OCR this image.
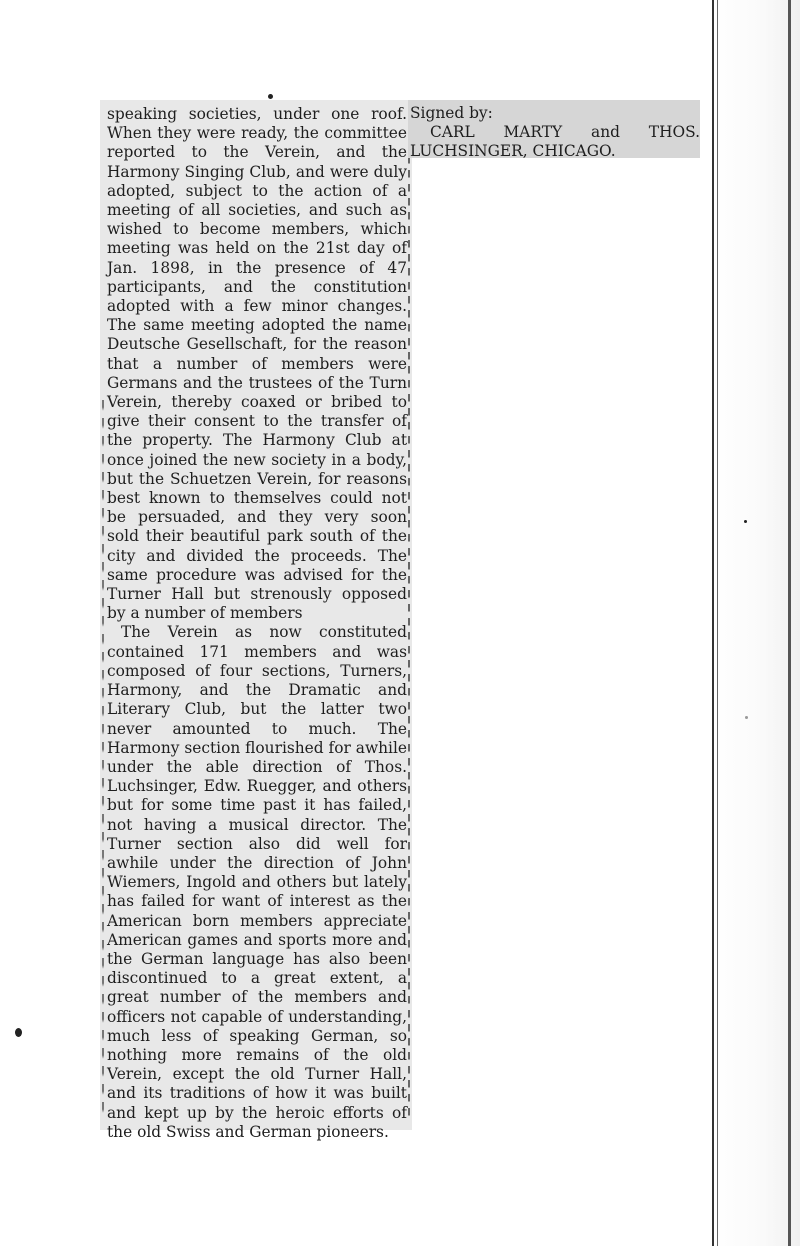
speaking societies, under one roof. When they were ready, the committee reported to the Verein, and the Harmony Singing Club, and were duly adopted, subject to the action of a meeting of all societies, and such as wished to become members, which meeting was held on the 21st day of Jan. 1898, in the presence of 47 participants, and the constitution adopted with a few minor changes. The same meeting adopted the name Deutsche Gesellschaft, for the reason that a number of members were Germans and the trustees of the Turn Verein, thereby coaxed or bribed to give their consent to the transfer of the property. The Harmony Club at once joined the new society in a body, but the Schuetzen Verein, for reasons best known to themselves could not be persuaded, and they very soon sold their beautiful park south of the city and divided the proceeds. The same procedure was advised for the Turner Hall but strenously opposed by a number of members

The Verein as now constituted contained 171 members and was composed of four sections, Turners, Harmony, and the Dramatic and Literary Club, but the latter two never amounted to much. The Harmony section flourished for awhile under the able direction of Thos. Luchsinger, Edw. Ruegger, and others but for some time past it has failed, not having a musical director. The Turner section also did well for awhile under the direction of John Wiemers, Ingold and others but lately has failed for want of interest as the American born members appreciate American games and sports more and the German language has also been discontinued to a great extent, a great number of the members and officers not capable of understanding, much less of speaking German, so nothing more remains of the old Verein, except the old Turner Hall, and its traditions of how it was built and kept up by the heroic efforts of the old Swiss and German pioneers.

Signed by:
CARL MARTY and THOS. LUCHSINGER, CHICAGO.
